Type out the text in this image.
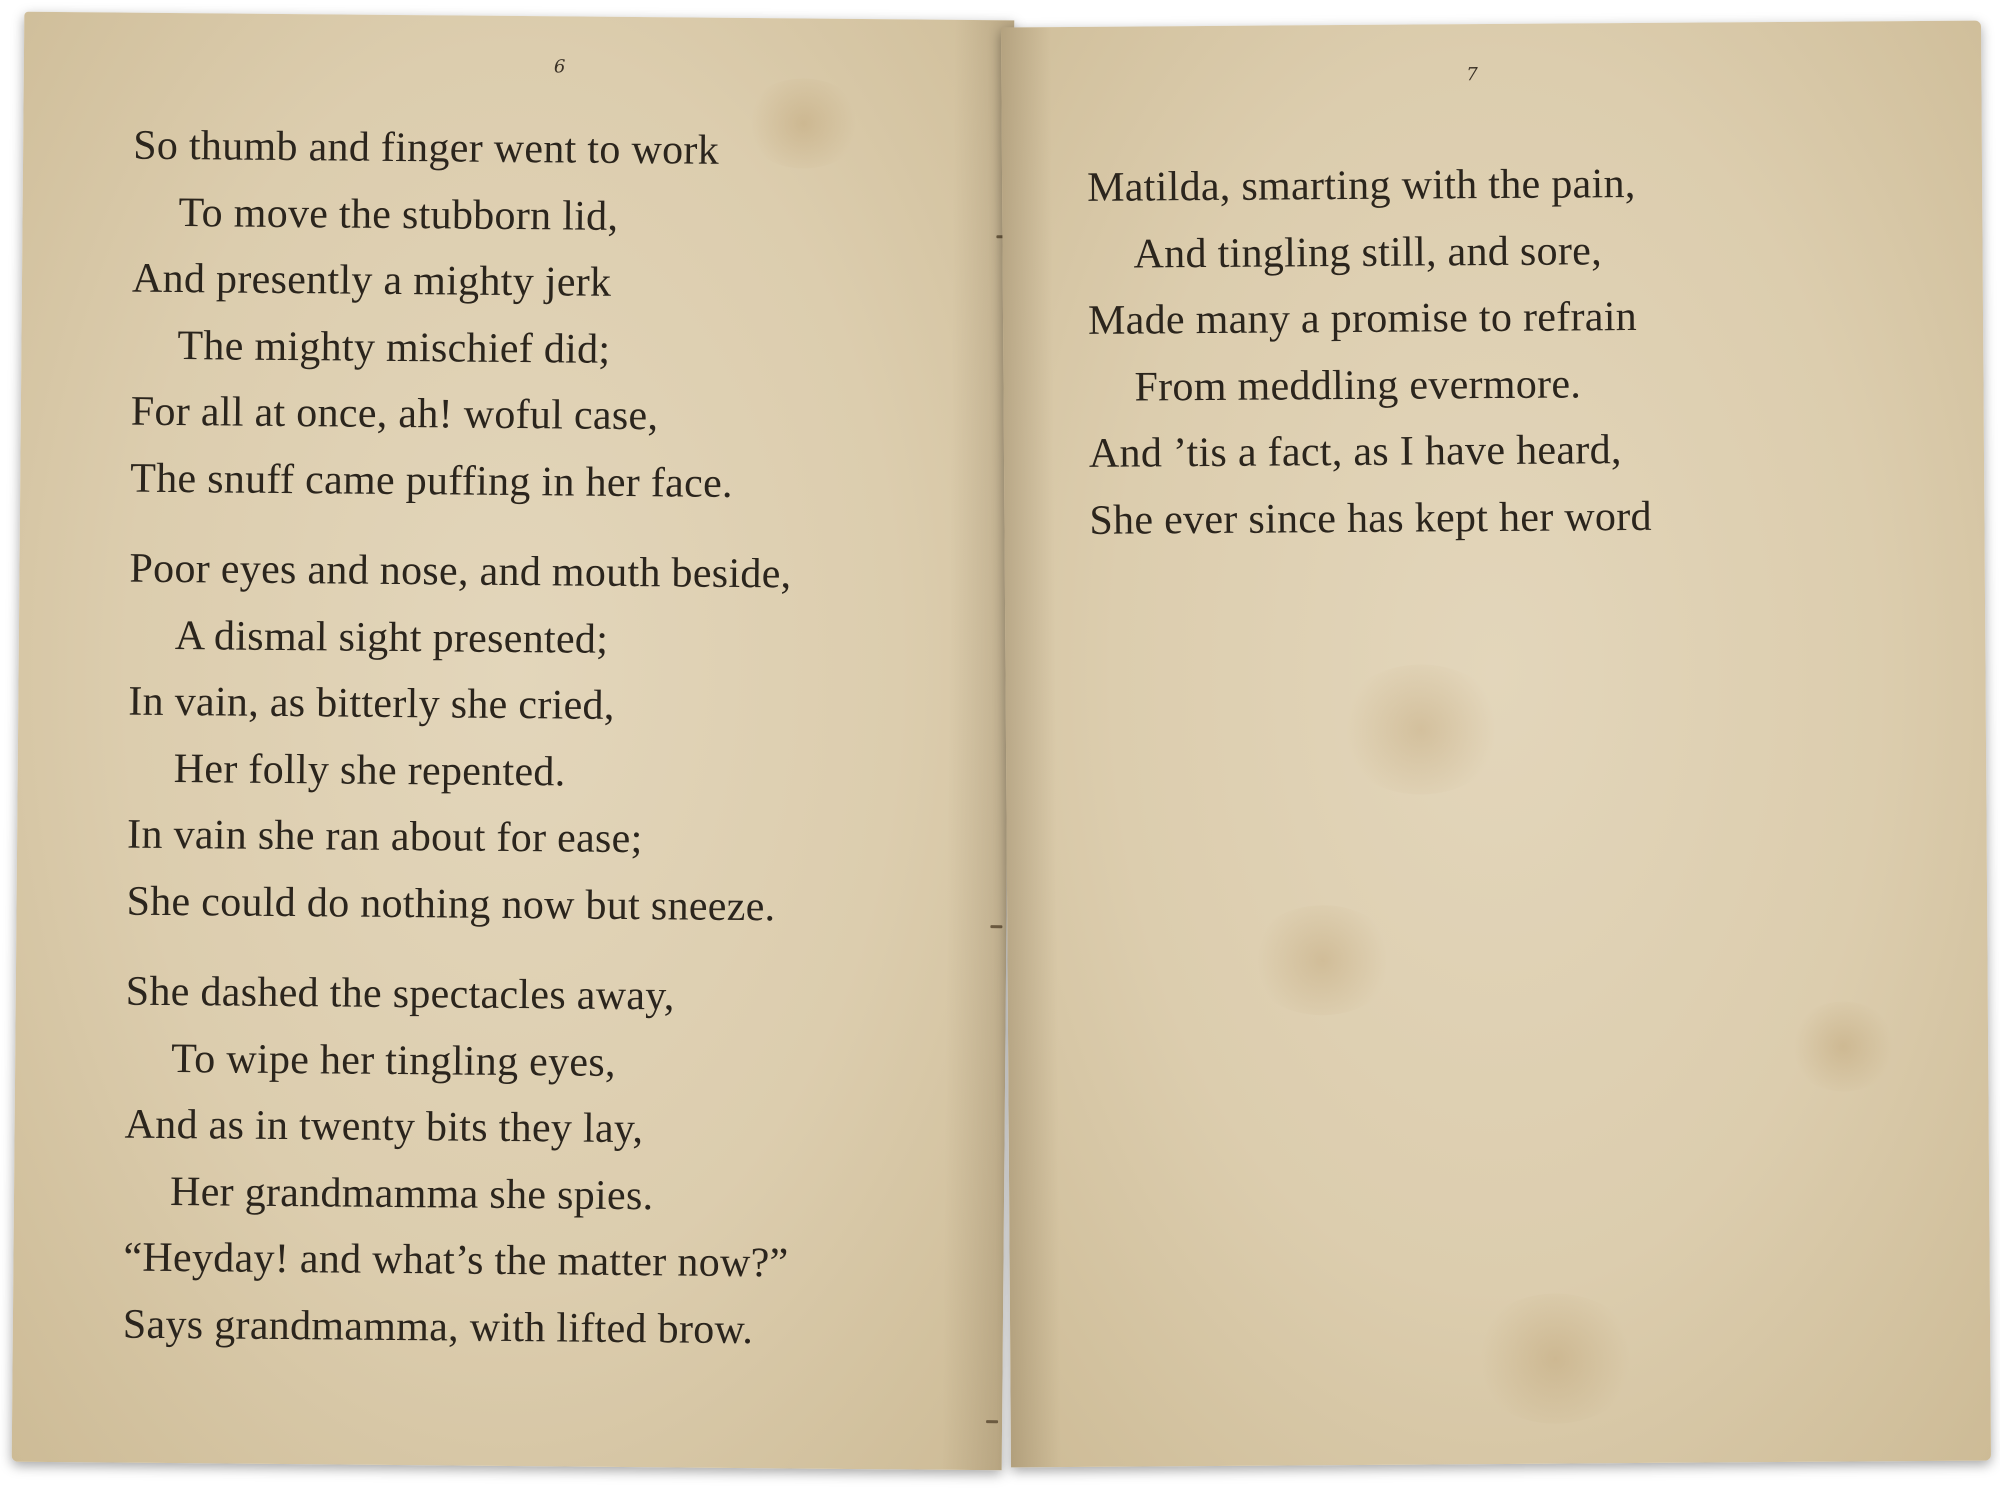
6
So thumb and finger went to work
To move the stubborn lid,
And presently a mighty jerk
The mighty mischief did;
For all at once, ah! woful case,
The snuff came puffing in her face.
Poor eyes and nose, and mouth beside,
A dismal sight presented;
In vain, as bitterly she cried,
Her folly she repented.
In vain she ran about for ease;
She could do nothing now but sneeze.
She dashed the spectacles away,
To wipe her tingling eyes,
And as in twenty bits they lay,
Her grandmamma she spies.
“Heyday! and what’s the matter now?”
Says grandmamma, with lifted brow.
7
Matilda, smarting with the pain,
And tingling still, and sore,
Made many a promise to refrain
From meddling evermore.
And ’tis a fact, as I have heard,
She ever since has kept her word
